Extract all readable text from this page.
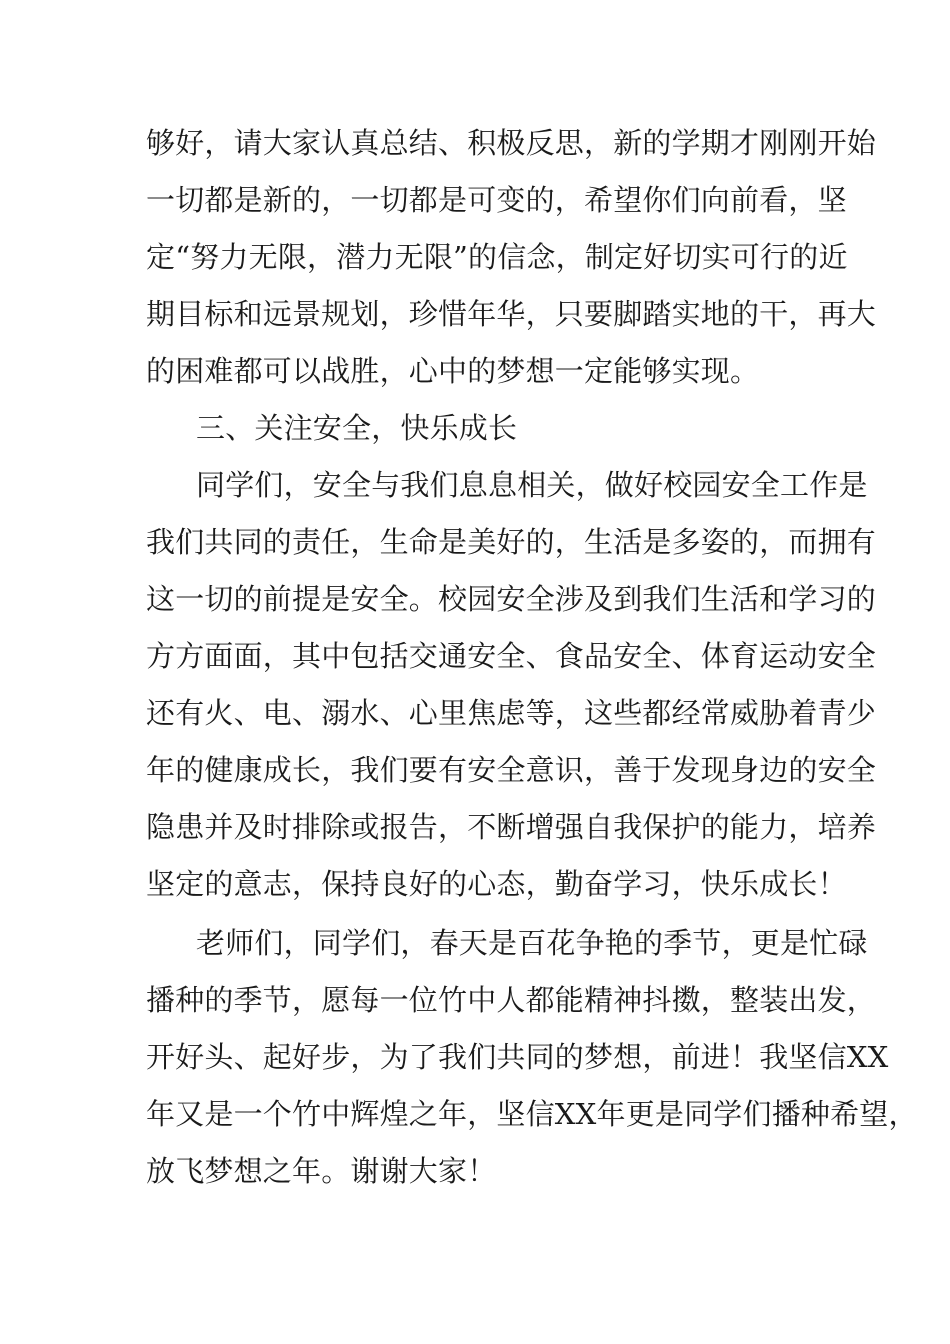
够好，请大家认真总结、积极反思，新的学期才刚刚开始
一切都是新的，一切都是可变的，希望你们向前看，坚
定“努力无限，潜力无限”的信念，制定好切实可行的近
期目标和远景规划，珍惜年华，只要脚踏实地的干，再大
的困难都可以战胜，心中的梦想一定能够实现。
三、关注安全，快乐成长
同学们，安全与我们息息相关，做好校园安全工作是
我们共同的责任，生命是美好的，生活是多姿的，而拥有
这一切的前提是安全。校园安全涉及到我们生活和学习的
方方面面，其中包括交通安全、食品安全、体育运动安全
还有火、电、溺水、心里焦虑等，这些都经常威胁着青少
年的健康成长，我们要有安全意识，善于发现身边的安全
隐患并及时排除或报告，不断增强自我保护的能力，培养
坚定的意志，保持良好的心态，勤奋学习，快乐成长！
老师们，同学们，春天是百花争艳的季节，更是忙碌
播种的季节，愿每一位竹中人都能精神抖擞，整装出发，
开好头、起好步，为了我们共同的梦想，前进！我坚信XX
年又是一个竹中辉煌之年，坚信XX年更是同学们播种希望，
放飞梦想之年。谢谢大家！
